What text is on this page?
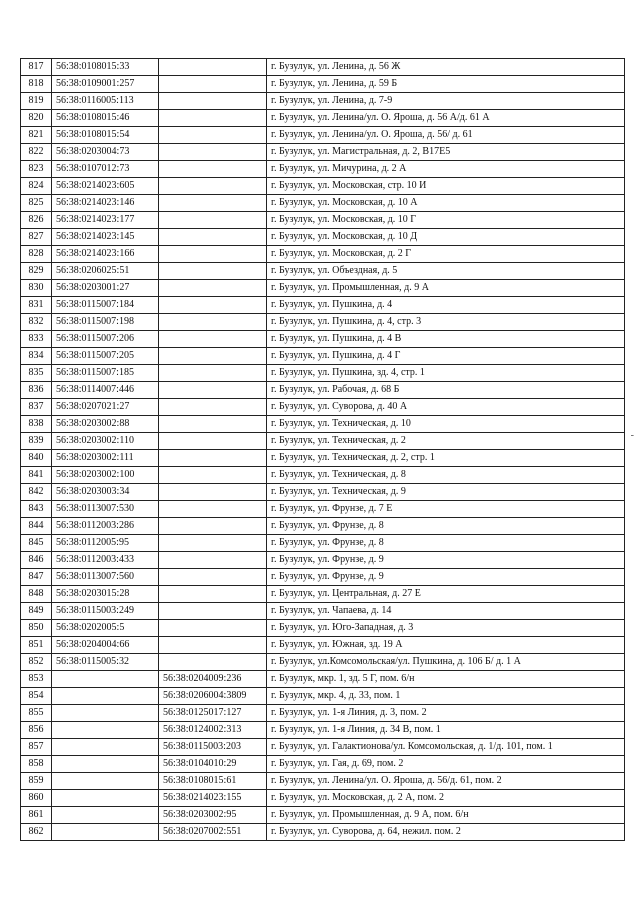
817	56:38:0108015:33		г. Бузулук, ул. Ленина, д. 56 Ж
818	56:38:0109001:257		г. Бузулук, ул. Ленина, д. 59 Б
819	56:38:0116005:113		г. Бузулук, ул. Ленина, д. 7-9
820	56:38:0108015:46		г. Бузулук, ул. Ленина/ул. О. Яроша, д. 56 А/д. 61 А
821	56:38:0108015:54		г. Бузулук, ул. Ленина/ул. О. Яроша, д. 56/ д. 61
822	56:38:0203004:73		г. Бузулук, ул. Магистральная, д. 2, В17Е5
823	56:38:0107012:73		г. Бузулук, ул. Мичурина, д. 2 А
824	56:38:0214023:605		г. Бузулук, ул. Московская, стр. 10 И
825	56:38:0214023:146		г. Бузулук, ул. Московская, д. 10 А
826	56:38:0214023:177		г. Бузулук, ул. Московская, д. 10 Г
827	56:38:0214023:145		г. Бузулук, ул. Московская, д. 10 Д
828	56:38:0214023:166		г. Бузулук, ул. Московская, д. 2 Г
829	56:38:0206025:51		г. Бузулук, ул. Объездная, д. 5
830	56:38:0203001:27		г. Бузулук, ул. Промышленная, д. 9 А
831	56:38:0115007:184		г. Бузулук, ул. Пушкина, д. 4
832	56:38:0115007:198		г. Бузулук, ул. Пушкина, д. 4, стр. 3
833	56:38:0115007:206		г. Бузулук, ул. Пушкина, д. 4 В
834	56:38:0115007:205		г. Бузулук, ул. Пушкина, д. 4 Г
835	56:38:0115007:185		г. Бузулук, ул. Пушкина, зд. 4, стр. 1
836	56:38:0114007:446		г. Бузулук, ул. Рабочая, д. 68 Б
837	56:38:0207021:27		г. Бузулук, ул. Суворова, д. 40 А
838	56:38:0203002:88		г. Бузулук, ул. Техническая, д. 10
839	56:38:0203002:110		г. Бузулук, ул. Техническая, д. 2
840	56:38:0203002:111		г. Бузулук, ул. Техническая, д. 2, стр. 1
841	56:38:0203002:100		г. Бузулук, ул. Техническая, д. 8
842	56:38:0203003:34		г. Бузулук, ул. Техническая, д. 9
843	56:38:0113007:530		г. Бузулук, ул. Фрунзе, д. 7 Е
844	56:38:0112003:286		г. Бузулук, ул. Фрунзе, д. 8
845	56:38:0112005:95		г. Бузулук, ул. Фрунзе, д. 8
846	56:38:0112003:433		г. Бузулук, ул. Фрунзе, д. 9
847	56:38:0113007:560		г. Бузулук, ул. Фрунзе, д. 9
848	56:38:0203015:28		г. Бузулук, ул. Центральная, д. 27 Е
849	56:38:0115003:249		г. Бузулук, ул. Чапаева, д. 14
850	56:38:0202005:5		г. Бузулук, ул. Юго-Западная, д. 3
851	56:38:0204004:66		г. Бузулук, ул. Южная, зд. 19 А
852	56:38:0115005:32		г. Бузулук, ул.Комсомольская/ул. Пушкина, д. 106 Б/ д. 1 А
853		56:38:0204009:236	г. Бузулук, мкр. 1, зд. 5 Г, пом. 6/н
854		56:38:0206004:3809	г. Бузулук, мкр. 4, д. 33, пом. 1
855		56:38:0125017:127	г. Бузулук, ул. 1-я Линия, д. 3, пом. 2
856		56:38:0124002:313	г. Бузулук, ул. 1-я Линия, д. 34 В, пом. 1
857		56:38:0115003:203	г. Бузулук, ул. Галактионова/ул. Комсомольская, д. 1/д. 101, пом. 1
858		56:38:0104010:29	г. Бузулук, ул. Гая, д. 69, пом. 2
859		56:38:0108015:61	г. Бузулук, ул. Ленина/ул. О. Яроша, д. 56/д. 61, пом. 2
860		56:38:0214023:155	г. Бузулук, ул. Московская, д. 2 А, пом. 2
861		56:38:0203002:95	г. Бузулук, ул. Промышленная, д. 9 А, пом. 6/н
862		56:38:0207002:551	г. Бузулук, ул. Суворова, д. 64, нежил. пом. 2
-
